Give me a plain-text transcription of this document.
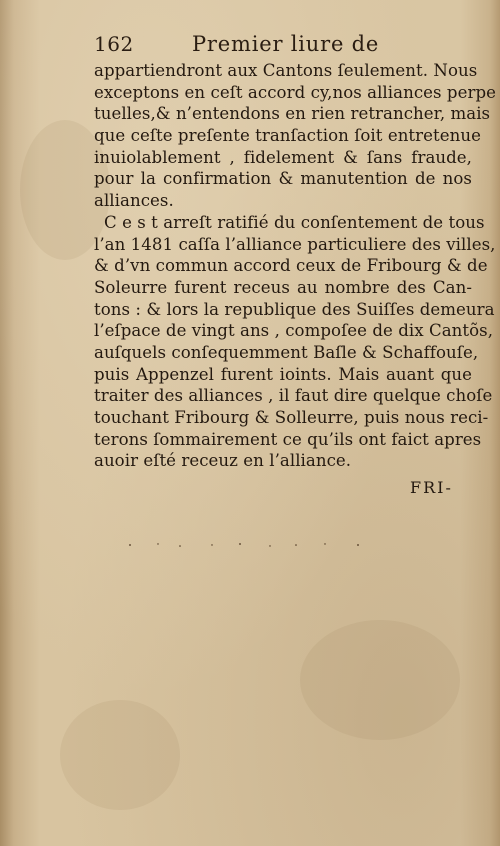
162	Premier liure de
appartiendront aux Cantons ſeulement. Nous
exceptons en ceſt accord cy,nos alliances perpe
tuelles,& n’entendons en rien retrancher, mais
que ceſte preſente tranſaction ſoit entretenue
inuiolablement , fidelement & ſans fraude,
pour la confirmation & manutention de nos
alliances.
C e s t arreſt ratifié du conſentement de tous
l’an 1481 caſſa l’alliance particuliere des villes,
& d’vn commun accord ceux de Fribourg & de
Soleurre furent receus au nombre des Can-
tons : & lors la republique des Suiſſes demeura
l’eſpace de vingt ans , compoſee de dix Cantõs,
auſquels conſequemment Baſle & Schaffouſe,
puis Appenzel furent ioints. Mais auant que
traiter des alliances , il faut dire quelque choſe
touchant Fribourg & Solleurre, puis nous reci-
terons ſommairement ce qu’ils ont faict apres
auoir eſté receuz en l’alliance.
FRI-
